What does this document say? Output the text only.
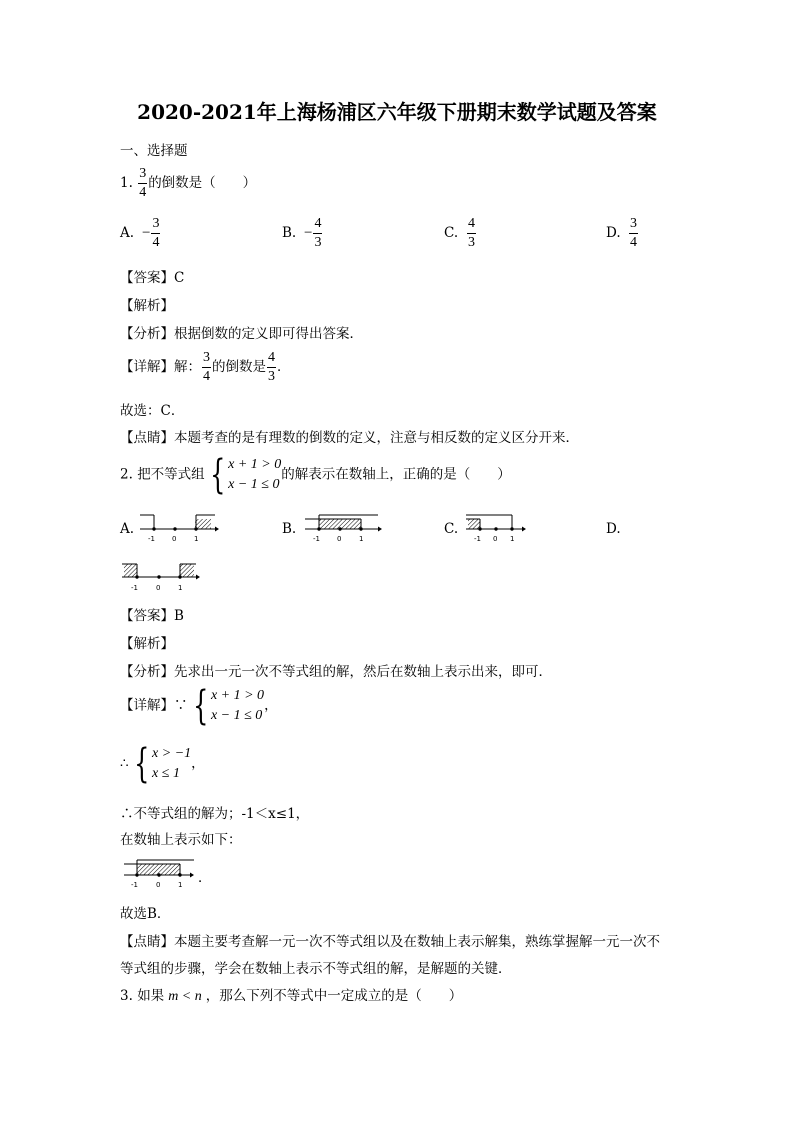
2020-2021年上海杨浦区六年级下册期末数学试题及答案
一、选择题
1. $\frac{3}{4}$ 的倒数是（　　）
A. − $\frac{3}{4}$	B. − $\frac{4}{3}$	C. $\frac{4}{3}$	D. $\frac{3}{4}$
【答案】C
【解析】
【分析】根据倒数的定义即可得出答案．
【详解】解： $\frac{3}{4}$ 的倒数是 $\frac{4}{3}$ ．
故选：C．
【点睛】本题考查的是有理数的倒数的定义，注意与相反数的定义区分开来．
2. 把不等式组 { x + 1 > 0
x − 1 ≤ 0
的解表示在数轴上，正确的是（　　）
A.	B.	C.	D.
-1 0	1	-1 0	1	-1 0 1
-1	0	1
-1	0	1
【答案】B
【解析】
【分析】先求出一元一次不等式组的解，然后在数轴上表示出来，即可．
【详解】∵ { x + 1 > 0
x − 1 ≤ 0
，
∴ { x > −1
x ≤ 1
，
∴不等式组的解为；-1＜x≤1，
在数轴上表示如下：
．
故选B．
【点睛】本题主要考查解一元一次不等式组以及在数轴上表示解集，熟练掌握解一元一次不
等式组的步骤，学会在数轴上表示不等式组的解，是解题的关键．
3. 如果 m < n ，那么下列不等式中一定成立的是（　　）
